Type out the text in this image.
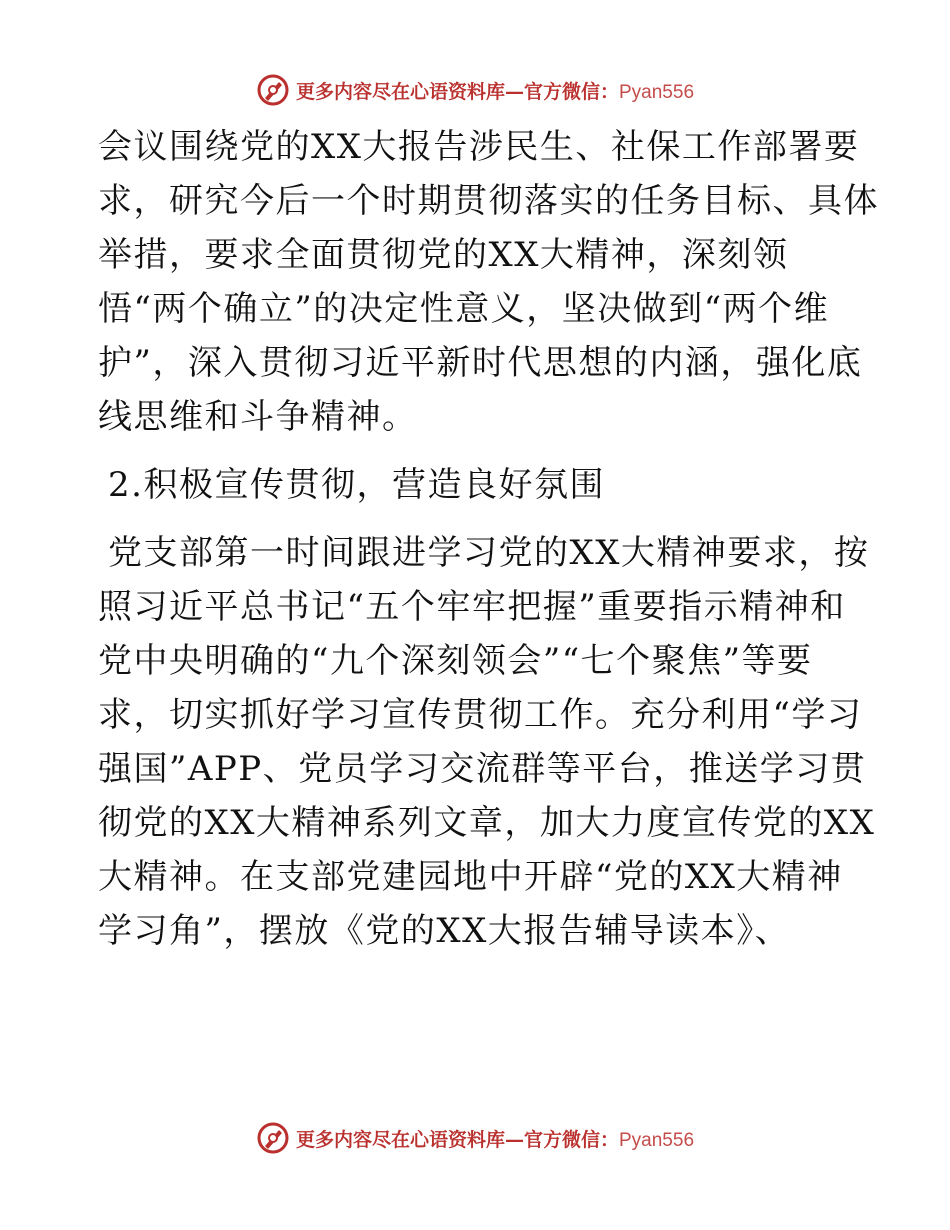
更多内容尽在心语资料库—官方微信：Pyan556

会议围绕党的XX大报告涉民生、社保工作部署要

求，研究今后一个时期贯彻落实的任务目标、具体

举措，要求全面贯彻党的XX大精神，深刻领

悟“两个确立”的决定性意义，坚决做到“两个维

护”，深入贯彻习近平新时代思想的内涵，强化底

线思维和斗争精神。

2.积极宣传贯彻，营造良好氛围

党支部第一时间跟进学习党的XX大精神要求，按

照习近平总书记“五个牢牢把握”重要指示精神和

党中央明确的“九个深刻领会”“七个聚焦”等要

求，切实抓好学习宣传贯彻工作。充分利用“学习

强国”APP、党员学习交流群等平台，推送学习贯

彻党的XX大精神系列文章，加大力度宣传党的XX

大精神。在支部党建园地中开辟“党的XX大精神

学习角”，摆放《党的XX大报告辅导读本》、

更多内容尽在心语资料库—官方微信：Pyan556
